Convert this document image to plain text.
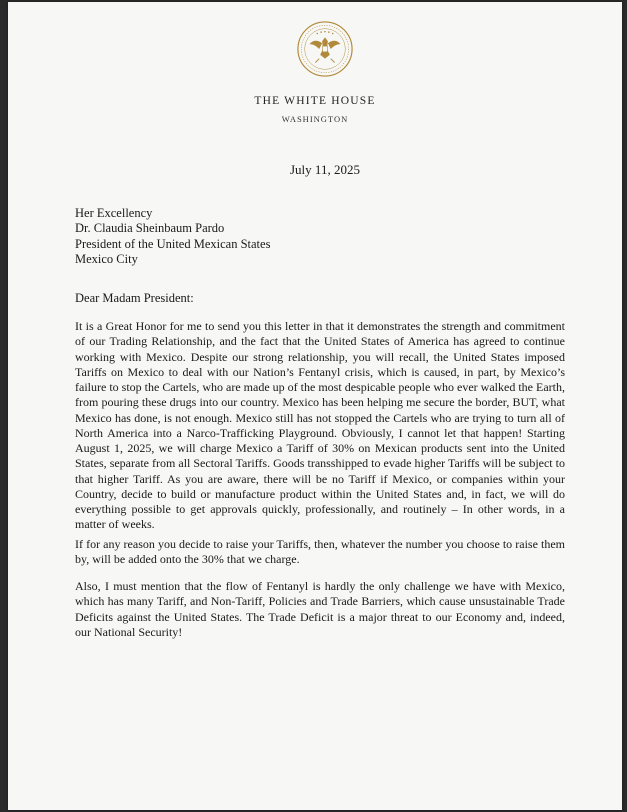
THE WHITE HOUSE
WASHINGTON
July 11, 2025
Her Excellency
Dr. Claudia Sheinbaum Pardo
President of the United Mexican States
Mexico City
Dear Madam President:

It is a Great Honor for me to send you this letter in that it demonstrates the strength and commitment of our Trading Relationship, and the fact that the United States of America has agreed to continue working with Mexico. Despite our strong relationship, you will recall, the United States imposed Tariffs on Mexico to deal with our Nation’s Fentanyl crisis, which is caused, in part, by Mexico’s failure to stop the Cartels, who are made up of the most despicable people who ever walked the Earth, from pouring these drugs into our country. Mexico has been helping me secure the border, BUT, what Mexico has done, is not enough. Mexico still has not stopped the Cartels who are trying to turn all of North America into a Narco-Trafficking Playground. Obviously, I cannot let that happen! Starting August 1, 2025, we will charge Mexico a Tariff of 30% on Mexican products sent into the United States, separate from all Sectoral Tariffs. Goods transshipped to evade higher Tariffs will be subject to that higher Tariff. As you are aware, there will be no Tariff if Mexico, or companies within your Country, decide to build or manufacture product within the United States and, in fact, we will do everything possible to get approvals quickly, professionally, and routinely – In other words, in a matter of weeks.

If for any reason you decide to raise your Tariffs, then, whatever the number you choose to raise them by, will be added onto the 30% that we charge.

Also, I must mention that the flow of Fentanyl is hardly the only challenge we have with Mexico, which has many Tariff, and Non-Tariff, Policies and Trade Barriers, which cause unsustainable Trade Deficits against the United States. The Trade Deficit is a major threat to our Economy and, indeed, our National Security!
